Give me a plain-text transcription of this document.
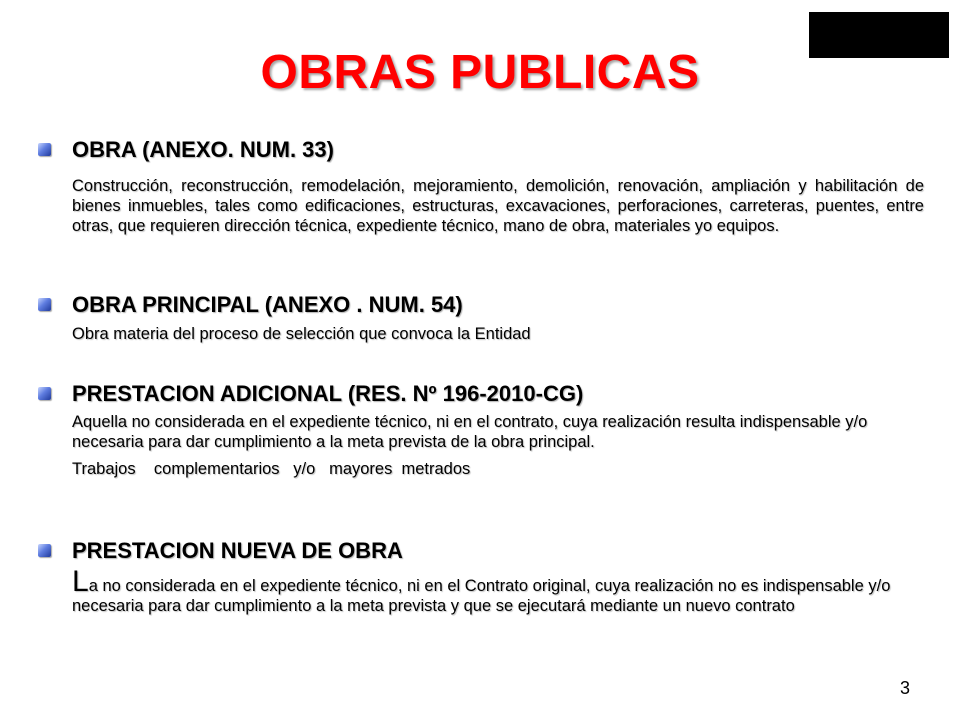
OBRAS PUBLICAS
OBRA (ANEXO. NUM. 33)
Construcción, reconstrucción, remodelación, mejoramiento, demolición, renovación, ampliación y habilitación de bienes inmuebles, tales como edificaciones, estructuras, excavaciones, perforaciones, carreteras, puentes, entre otras, que requieren dirección técnica, expediente técnico, mano de obra, materiales yo equipos.
OBRA PRINCIPAL (ANEXO . NUM. 54)
Obra materia del proceso de selección que convoca la Entidad
PRESTACION ADICIONAL (RES. Nº 196-2010-CG)
Aquella no considerada en el expediente técnico, ni en el contrato, cuya realización resulta indispensable y/o necesaria para dar cumplimiento a la meta prevista de la obra principal.
Trabajos    complementarios   y/o   mayores  metrados
PRESTACION NUEVA DE OBRA
La no considerada en el expediente técnico, ni en el Contrato original, cuya realización no es indispensable y/o necesaria para dar cumplimiento a la meta prevista y que se ejecutará mediante un nuevo contrato
3
